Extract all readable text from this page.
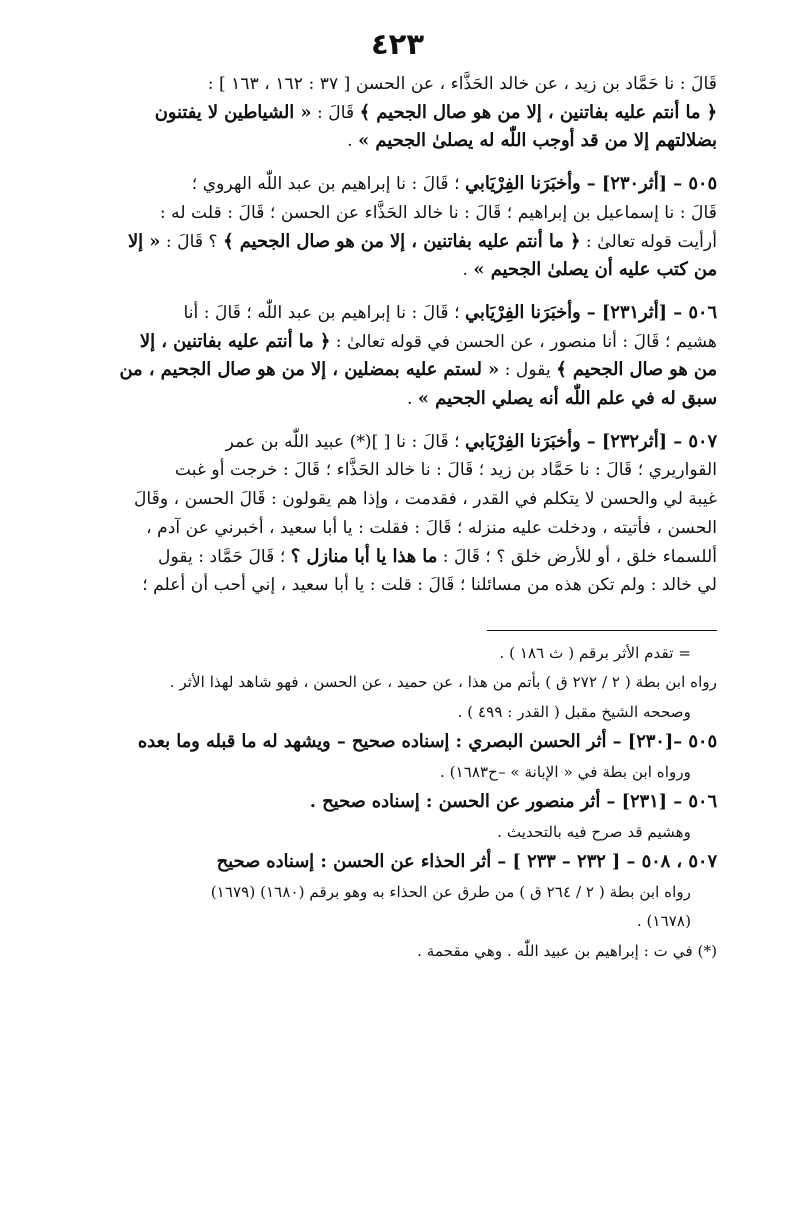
٤٢٣
قَالَ : نا حَمَّاد بن زيد ، عن خالد الحَذَّاء ، عن الحسن [ ٣٧ : ١٦٢ ، ١٦٣ ] :
﴿ ما أنتم عليه بفاتنين ، إلا من هو صال الجحيم ﴾ قَالَ : « الشياطين لا يفتنون
بضلالتهم إلا من قد أوجب اللّٰه له يصلىٰ الجحيم » .
٥٠٥ – [أثر٢٣٠] – وأخبَرَنا الفِرْيَابي ؛ قَالَ : نا إبراهيم بن عبد اللّٰه الهروي ؛
قَالَ : نا إسماعيل بن إبراهيم ؛ قَالَ : نا خالد الحَذَّاء عن الحسن ؛ قَالَ : قلت له :
أرأيت قوله تعالىٰ : ﴿ ما أنتم عليه بفاتنين ، إلا من هو صال الجحيم ﴾ ؟ قَالَ : « إلا
من كتب عليه أن يصلىٰ الجحيم » .
٥٠٦ – [أثر٢٣١] – وأخبَرَنا الفِرْيَابي ؛ قَالَ : نا إبراهيم بن عبد اللّٰه ؛ قَالَ : أنا
هشيم ؛ قَالَ : أنا منصور ، عن الحسن في قوله تعالىٰ : ﴿ ما أنتم عليه بفاتنين ، إلا
من هو صال الجحيم ﴾ يقول : « لستم عليه بمضلين ، إلا من هو صال الجحيم ، من
سبق له في علم اللّٰه أنه يصلي الجحيم » .
٥٠٧ – [أثر٢٣٢] – وأخبَرَنا الفِرْيَابي ؛ قَالَ : نا [ ](*) عبيد اللّٰه بن عمر
القواريري ؛ قَالَ : نا حَمَّاد بن زيد ؛ قَالَ : نا خالد الحَذَّاء ؛ قَالَ : خرجت أو غبت
غيبة لي والحسن لا يتكلم في القدر ، فقدمت ، وإذا هم يقولون : قَالَ الحسن ، وقَالَ
الحسن ، فأتيته ، ودخلت عليه منزله ؛ قَالَ : فقلت : يا أبا سعيد ، أخبرني عن آدم ،
أللسماء خلق ، أو للأرض خلق ؟ ؛ قَالَ : ما هذا يا أبا منازل ؟ ؛ قَالَ حَمَّاد : يقول
لي خالد : ولم تكن هذه من مسائلنا ؛ قَالَ : قلت : يا أبا سعيد ، إني أحب أن أعلم ؛
= تقدم الأثر برقم ( ث ١٨٦ ) .
رواه ابن بطة ( ٢ / ٢٧٢ ق ) بأتم من هذا ، عن حميد ، عن الحسن ، فهو شاهد لهذا الأثر .
وصححه الشيخ مقبل ( القدر : ٤٩٩ ) .
٥٠٥ –[٢٣٠] – أثر الحسن البصري : إسناده صحيح – ويشهد له ما قبله وما بعده
ورواه ابن بطة في « الإبانة » –ح١٦٨٣) .
٥٠٦ – [٢٣١] – أثر منصور عن الحسن : إسناده صحيح .
وهشيم قد صرح فيه بالتحديث .
٥٠٧ ، ٥٠٨ – [ ٢٣٢ – ٢٣٣ ] – أثر الحذاء عن الحسن : إسناده صحيح
رواه ابن بطة ( ٢ / ٢٦٤ ق ) من طرق عن الحذاء به وهو برقم (١٦٨٠) (١٦٧٩)
(١٦٧٨) .
(*) في ت : إبراهيم بن عبيد اللّٰه . وهي مقحمة .
